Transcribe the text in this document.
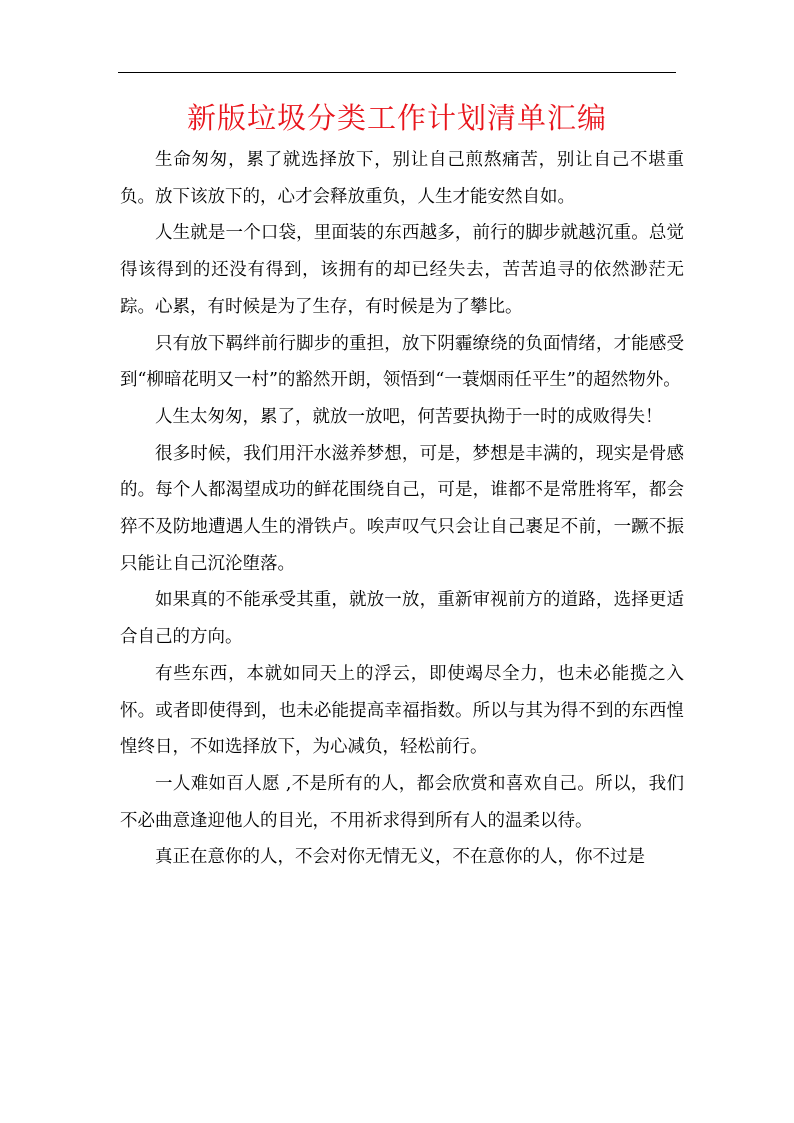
新版垃圾分类工作计划清单汇编

生命匆匆，累了就选择放下，别让自己煎熬痛苦，别让自己不堪重负。放下该放下的，心才会释放重负，人生才能安然自如。

人生就是一个口袋，里面装的东西越多，前行的脚步就越沉重。总觉得该得到的还没有得到，该拥有的却已经失去，苦苦追寻的依然渺茫无踪。心累，有时候是为了生存，有时候是为了攀比。

只有放下羁绊前行脚步的重担，放下阴霾缭绕的负面情绪，才能感受到“柳暗花明又一村”的豁然开朗，领悟到“一蓑烟雨任平生”的超然物外。

人生太匆匆，累了，就放一放吧，何苦要执拗于一时的成败得失！

很多时候，我们用汗水滋养梦想，可是，梦想是丰满的，现实是骨感的。每个人都渴望成功的鲜花围绕自己，可是，谁都不是常胜将军，都会猝不及防地遭遇人生的滑铁卢。唉声叹气只会让自己裹足不前，一蹶不振只能让自己沉沦堕落。

如果真的不能承受其重，就放一放，重新审视前方的道路，选择更适合自己的方向。

有些东西，本就如同天上的浮云，即使竭尽全力，也未必能揽之入怀。或者即使得到，也未必能提高幸福指数。所以与其为得不到的东西惶惶终日，不如选择放下，为心减负，轻松前行。

一人难如百人愿 ,不是所有的人，都会欣赏和喜欢自己。所以，我们不必曲意逢迎他人的目光，不用祈求得到所有人的温柔以待。

真正在意你的人，不会对你无情无义，不在意你的人，你不过是
